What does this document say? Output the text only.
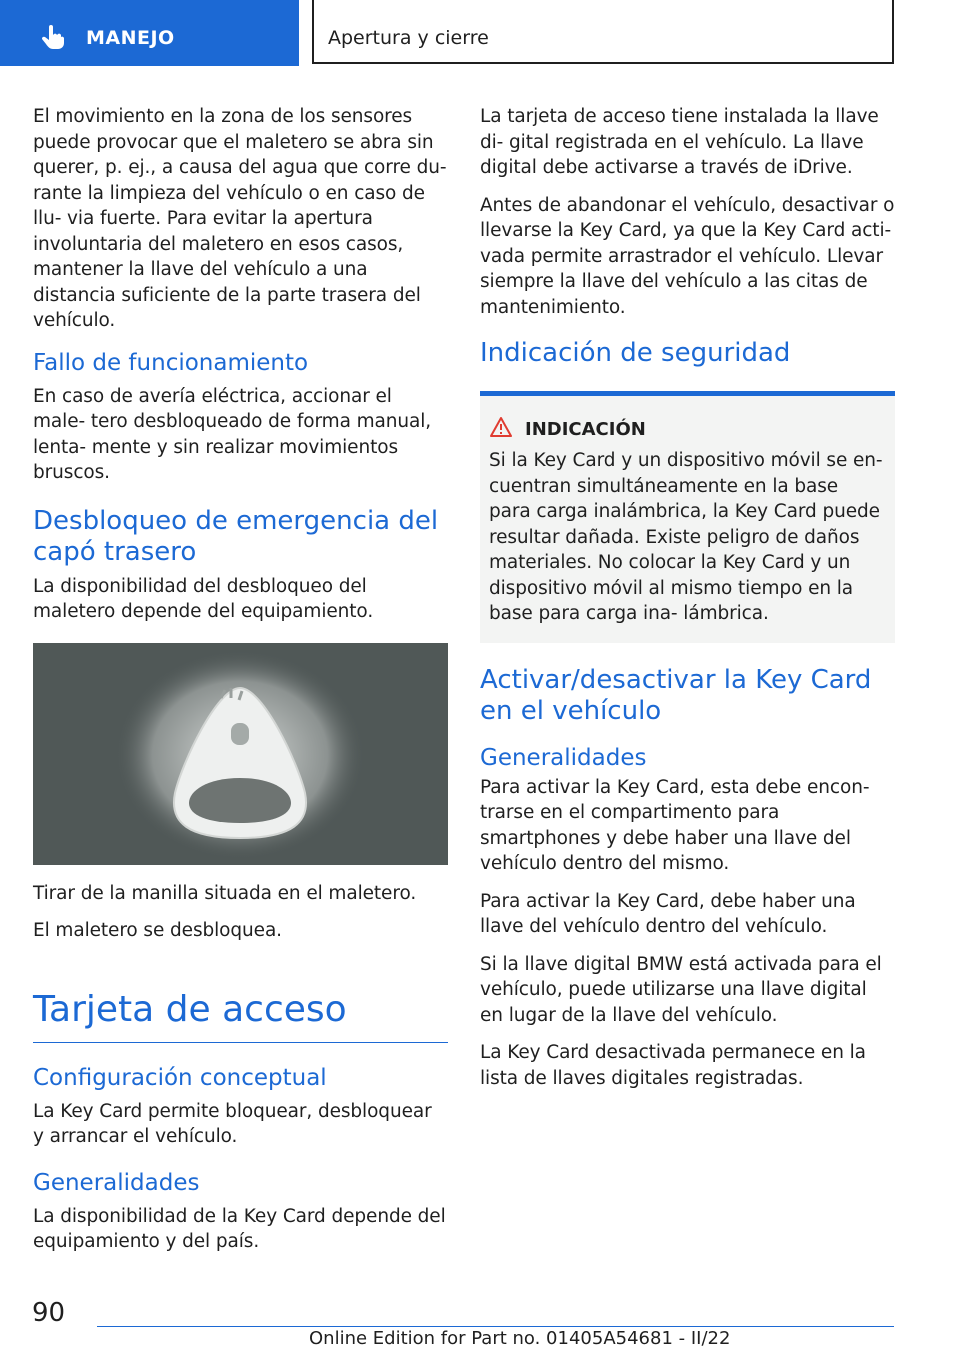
MANEJO	Apertura y cierre

El movimiento en la zona de los sensores puede provocar que el maletero se abra sin querer, p. ej., a causa del agua que corre du- rante la limpieza del vehículo o en caso de llu- via fuerte. Para evitar la apertura involuntaria del maletero en esos casos, mantener la llave del vehículo a una distancia suficiente de la parte trasera del vehículo.

Fallo de funcionamiento

En caso de avería eléctrica, accionar el male- tero desbloqueado de forma manual, lenta- mente y sin realizar movimientos bruscos.

Desbloqueo de emergencia del capó trasero

La disponibilidad del desbloqueo del maletero depende del equipamiento.

Tirar de la manilla situada en el maletero.

El maletero se desbloquea.

Tarjeta de acceso
Configuración conceptual

La Key Card permite bloquear, desbloquear y arrancar el vehículo.

Generalidades

La disponibilidad de la Key Card depende del equipamiento y del país.

La tarjeta de acceso tiene instalada la llave di- gital registrada en el vehículo. La llave digital debe activarse a través de iDrive.

Antes de abandonar el vehículo, desactivar o llevarse la Key Card, ya que la Key Card acti- vada permite arrastrador el vehículo. Llevar siempre la llave del vehículo a las citas de mantenimiento.

Indicación de seguridad
INDICACIÓN

Si la Key Card y un dispositivo móvil se en- cuentran simultáneamente en la base para carga inalámbrica, la Key Card puede resultar dañada. Existe peligro de daños materiales. No colocar la Key Card y un dispositivo móvil al mismo tiempo en la base para carga ina- lámbrica.

Activar/desactivar la Key Card en el vehículo
Generalidades

Para activar la Key Card, esta debe encon- trarse en el compartimento para smartphones y debe haber una llave del vehículo dentro del mismo.

Para activar la Key Card, debe haber una llave del vehículo dentro del vehículo.

Si la llave digital BMW está activada para el vehículo, puede utilizarse una llave digital en lugar de la llave del vehículo.

La Key Card desactivada permanece en la lista de llaves digitales registradas.

90
Online Edition for Part no. 01405A54681 - II/22
